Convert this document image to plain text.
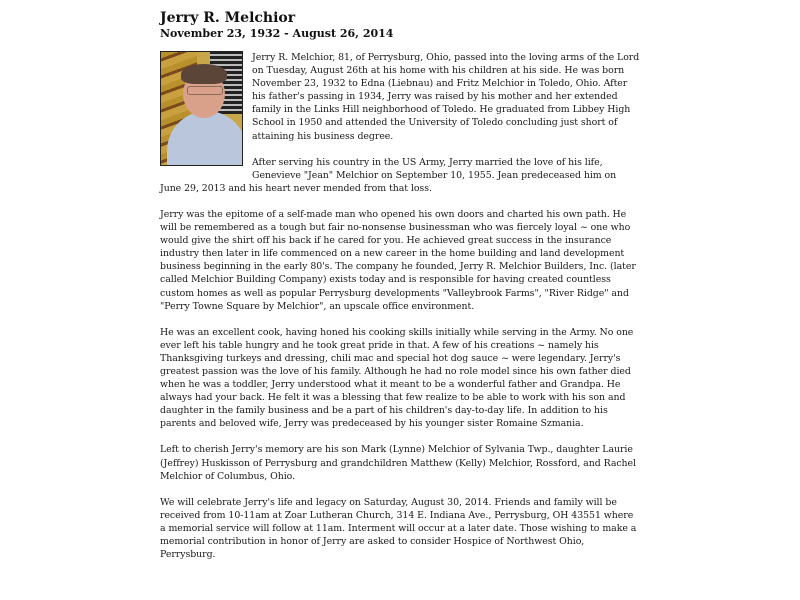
Jerry R. Melchior
November 23, 1932 - August 26, 2014

Jerry R. Melchior, 81, of Perrysburg, Ohio, passed into the loving arms of the Lord on Tuesday, August 26th at his home with his children at his side. He was born November 23, 1932 to Edna (Liebnau) and Fritz Melchior in Toledo, Ohio. After his father's passing in 1934, Jerry was raised by his mother and her extended family in the Links Hill neighborhood of Toledo. He graduated from Libbey High School in 1950 and attended the University of Toledo concluding just short of attaining his business degree.

After serving his country in the US Army, Jerry married the love of his life, Genevieve "Jean" Melchior on September 10, 1955. Jean predeceased him on June 29, 2013 and his heart never mended from that loss.

Jerry was the epitome of a self-made man who opened his own doors and charted his own path. He will be remembered as a tough but fair no-nonsense businessman who was fiercely loyal ~ one who would give the shirt off his back if he cared for you. He achieved great success in the insurance industry then later in life commenced on a new career in the home building and land development business beginning in the early 80's. The company he founded, Jerry R. Melchior Builders, Inc. (later called Melchior Building Company) exists today and is responsible for having created countless custom homes as well as popular Perrysburg developments "Valleybrook Farms", "River Ridge" and "Perry Towne Square by Melchior", an upscale office environment.

He was an excellent cook, having honed his cooking skills initially while serving in the Army. No one ever left his table hungry and he took great pride in that. A few of his creations ~ namely his Thanksgiving turkeys and dressing, chili mac and special hot dog sauce ~ were legendary. Jerry's greatest passion was the love of his family. Although he had no role model since his own father died when he was a toddler, Jerry understood what it meant to be a wonderful father and Grandpa. He always had your back. He felt it was a blessing that few realize to be able to work with his son and daughter in the family business and be a part of his children's day-to-day life. In addition to his parents and beloved wife, Jerry was predeceased by his younger sister Romaine Szmania.

Left to cherish Jerry's memory are his son Mark (Lynne) Melchior of Sylvania Twp., daughter Laurie (Jeffrey) Huskisson of Perrysburg and grandchildren Matthew (Kelly) Melchior, Rossford, and Rachel Melchior of Columbus, Ohio.

We will celebrate Jerry's life and legacy on Saturday, August 30, 2014. Friends and family will be received from 10-11am at Zoar Lutheran Church, 314 E. Indiana Ave., Perrysburg, OH 43551 where a memorial service will follow at 11am. Interment will occur at a later date. Those wishing to make a memorial contribution in honor of Jerry are asked to consider Hospice of Northwest Ohio, Perrysburg.
